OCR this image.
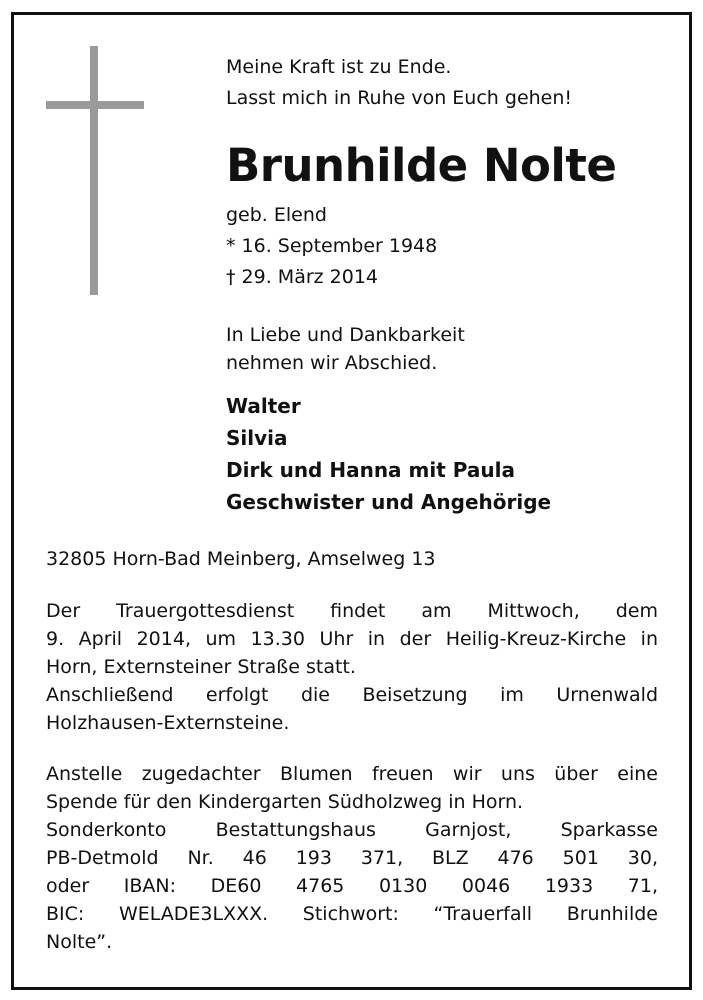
Meine Kraft ist zu Ende.
Lasst mich in Ruhe von Euch gehen!
Brunhilde Nolte
geb. Elend
* 16. September 1948
† 29. März 2014
In Liebe und Dankbarkeit
nehmen wir Abschied.
Walter
Silvia
Dirk und Hanna mit Paula
Geschwister und Angehörige
32805 Horn-Bad Meinberg, Amselweg 13
Der Trauergottesdienst findet am Mittwoch, dem
9. April 2014, um 13.30 Uhr in der Heilig-Kreuz-Kirche in
Horn, Externsteiner Straße statt.
Anschließend erfolgt die Beisetzung im Urnenwald
Holzhausen-Externsteine.
Anstelle zugedachter Blumen freuen wir uns über eine
Spende für den Kindergarten Südholzweg in Horn.
Sonderkonto Bestattungshaus Garnjost, Sparkasse
PB-Detmold Nr. 46 193 371, BLZ 476 501 30,
oder IBAN: DE60 4765 0130 0046 1933 71,
BIC: WELADE3LXXX. Stichwort: “Trauerfall Brunhilde
Nolte”.
